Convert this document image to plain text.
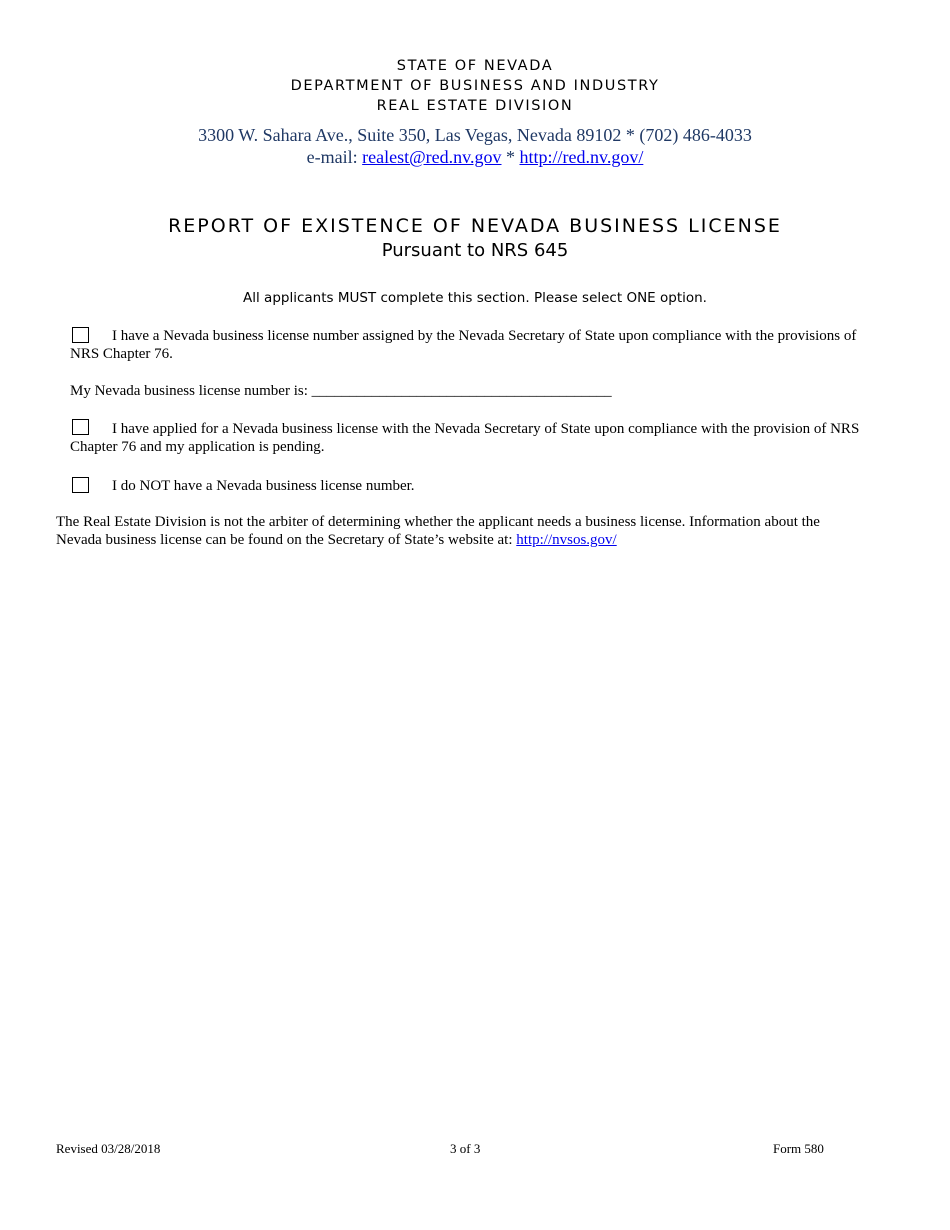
STATE OF NEVADA
DEPARTMENT OF BUSINESS AND INDUSTRY
REAL ESTATE DIVISION
3300 W. Sahara Ave., Suite 350, Las Vegas, Nevada 89102 * (702) 486-4033
e-mail: realest@red.nv.gov * http://red.nv.gov/
REPORT OF EXISTENCE OF NEVADA BUSINESS LICENSE
Pursuant to NRS 645
All applicants MUST complete this section. Please select ONE option.
I have a Nevada business license number assigned by the Nevada Secretary of State upon compliance with the provisions of
NRS Chapter 76.
My Nevada business license number is: ________________________________________
I have applied for a Nevada business license with the Nevada Secretary of State upon compliance with the provision of NRS
Chapter 76 and my application is pending.
I do NOT have a Nevada business license number.
The Real Estate Division is not the arbiter of determining whether the applicant needs a business license. Information about the
Nevada business license can be found on the Secretary of State’s website at: http://nvsos.gov/
Revised 03/28/2018	3 of 3	Form 580
